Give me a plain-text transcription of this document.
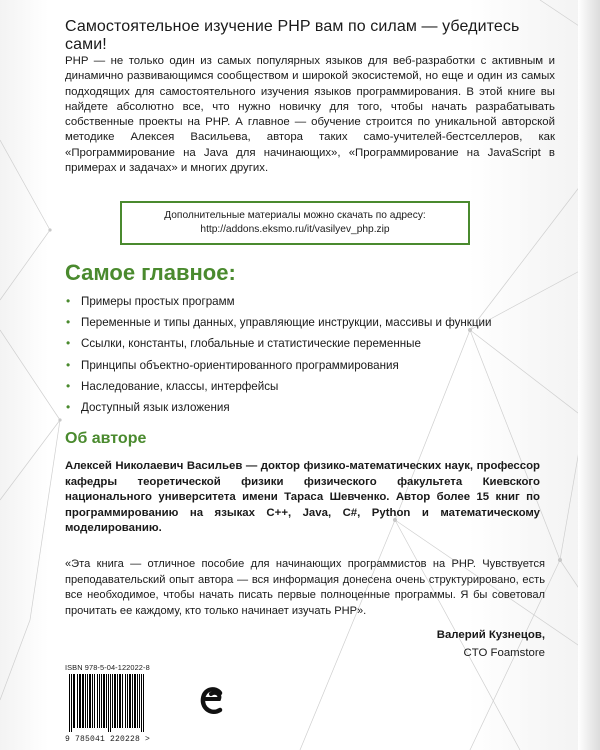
Самостоятельное изучение PHP вам по силам — убедитесь сами!
PHP — не только один из самых популярных языков для веб-разработки с активным и динамично развивающимся сообществом и широкой экосистемой, но еще и один из самых подходящих для самостоятельного изучения языков программирования. В этой книге вы найдете абсолютно все, что нужно новичку для того, чтобы начать разрабатывать собственные проекты на PHP. А главное — обучение строится по уникальной авторской методике Алексея Васильева, автора таких само-учителей-бестселлеров, как «Программирование на Java для начинающих», «Программирование на JavaScript в примерах и задачах» и многих других.
Дополнительные материалы можно скачать по адресу:
http://addons.eksmo.ru/it/vasilyev_php.zip
Самое главное:
• Примеры простых программ
• Переменные и типы данных, управляющие инструкции, массивы и функции
• Ссылки, константы, глобальные и статистические переменные
• Принципы объектно-ориентированного программирования
• Наследование, классы, интерфейсы
• Доступный язык изложения
Об авторе
Алексей Николаевич Васильев — доктор физико-математических наук, профессор кафедры теоретической физики физического факультета Киевского национального университета имени Тараса Шевченко. Автор более 15 книг по программированию на языках C++, Java, C#, Python и математическому моделированию.
«Эта книга — отличное пособие для начинающих программистов на PHP. Чувствуется преподавательский опыт автора — вся информация донесена очень структурировано, есть все необходимое, чтобы начать писать первые полноценные программы. Я бы советовал прочитать ее каждому, кто только начинает изучать PHP».
Валерий Кузнецов,
CTO Foamstore
ISBN 978-5-04-122022-8
9 785041 220228 >
